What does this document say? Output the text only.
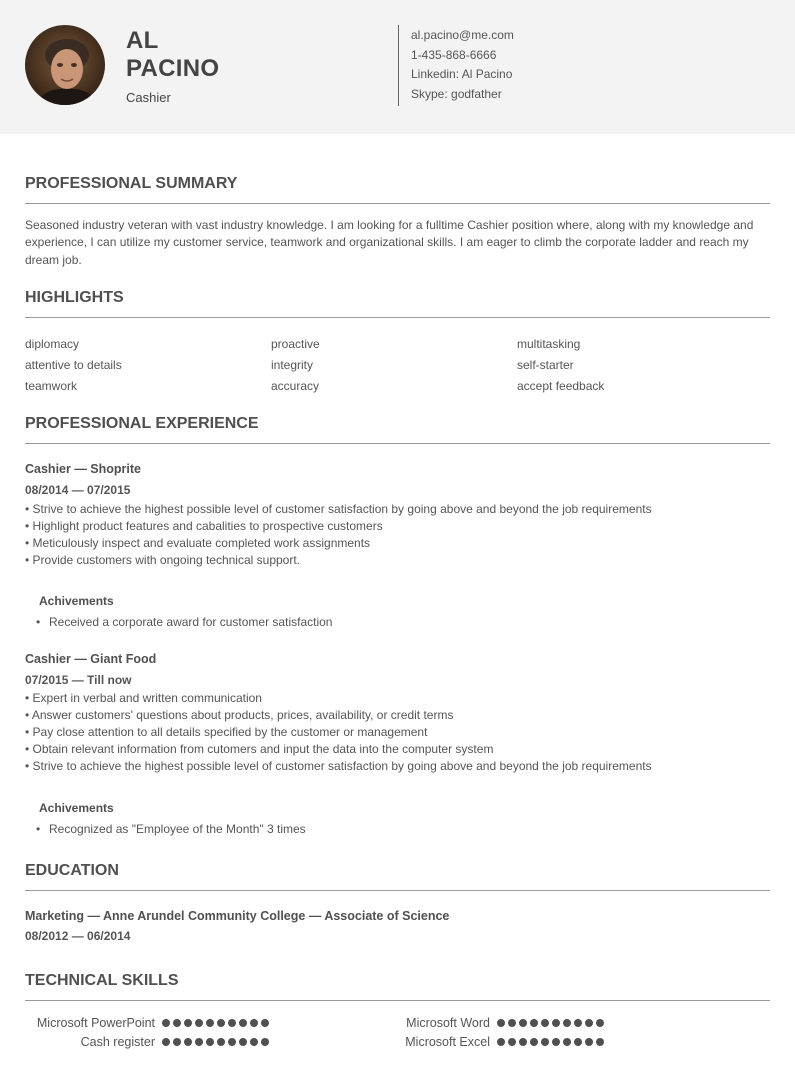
AL
PACINO
Cashier
al.pacino@me.com
1-435-868-6666
Linkedin: Al Pacino
Skype: godfather
PROFESSIONAL SUMMARY
Seasoned industry veteran with vast industry knowledge. I am looking for a fulltime Cashier position where, along with my knowledge and experience, I can utilize my customer service, teamwork and organizational skills. I am eager to climb the corporate ladder and reach my dream job.
HIGHLIGHTS
diplomacy
attentive to details
teamwork
proactive
integrity
accuracy
multitasking
self-starter
accept feedback
PROFESSIONAL EXPERIENCE
Cashier — Shoprite
08/2014 — 07/2015
• Strive to achieve the highest possible level of customer satisfaction by going above and beyond the job requirements
• Highlight product features and cabalities to prospective customers
• Meticulously inspect and evaluate completed work assignments
• Provide customers with ongoing technical support.
Achivements
• Received a corporate award for customer satisfaction
Cashier — Giant Food
07/2015 — Till now
• Expert in verbal and written communication
• Answer customers' questions about products, prices, availability, or credit terms
• Pay close attention to all details specified by the customer or management
• Obtain relevant information from cutomers and input the data into the computer system
• Strive to achieve the highest possible level of customer satisfaction by going above and beyond the job requirements
Achivements
• Recognized as "Employee of the Month" 3 times
EDUCATION
Marketing — Anne Arundel Community College — Associate of Science
08/2012 — 06/2014
TECHNICAL SKILLS
Microsoft PowerPoint
Cash register
Microsoft Word
Microsoft Excel
